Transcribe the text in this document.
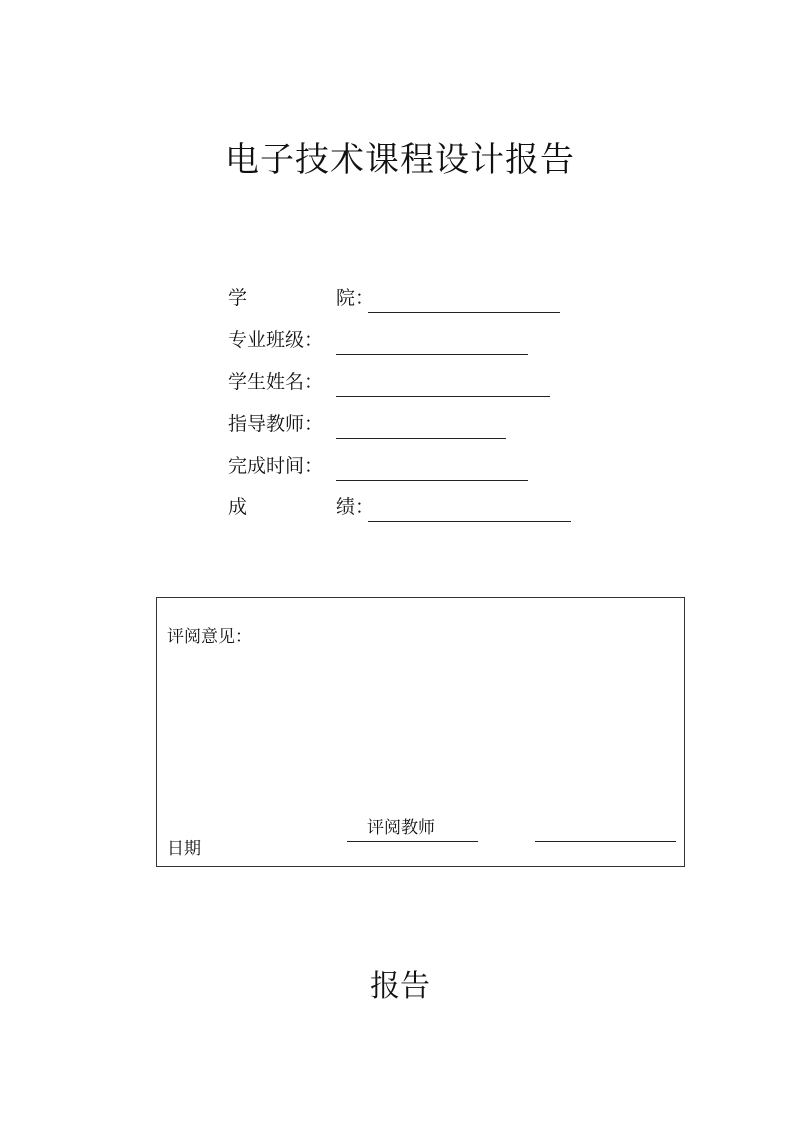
电子技术课程设计报告
学	院：
专业班级：
学生姓名：
指导教师：
完成时间：
成	绩：
评阅意见：
评阅教师
日期
报告
